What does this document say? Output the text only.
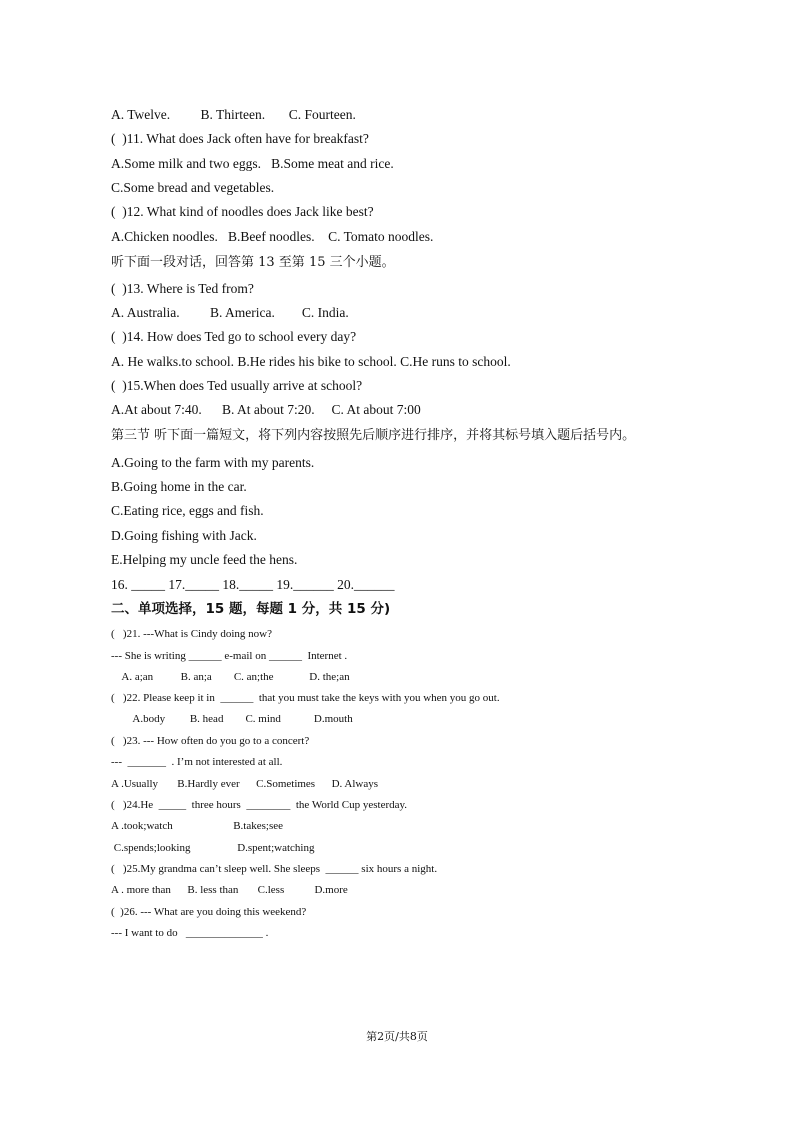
A. Twelve.         B. Thirteen.       C. Fourteen.
(  )11. What does Jack often have for breakfast?
A.Some milk and two eggs.   B.Some meat and rice.
C.Some bread and vegetables.
(  )12. What kind of noodles does Jack like best?
A.Chicken noodles.   B.Beef noodles.    C. Tomato noodles.
听下面一段对话，回答第 13 至第 15 三个小题。
(  )13. Where is Ted from?
A. Australia.         B. America.        C. India.
(  )14. How does Ted go to school every day?
A. He walks.to school. B.He rides his bike to school. C.He runs to school.
(  )15.When does Ted usually arrive at school?
A.At about 7:40.      B. At about 7:20.     C. At about 7:00
第三节 听下面一篇短文，将下列内容按照先后顺序进行排序，并将其标号填入题后括号内。
A.Going to the farm with my parents.
B.Going home in the car.
C.Eating rice, eggs and fish.
D.Going fishing with Jack.
E.Helping my uncle feed the hens.
16. _____ 17._____ 18._____ 19.______ 20.______
二、单项选择，15 题，每题 1 分，共 15 分)
(   )21. ---What is Cindy doing now?
--- She is writing ______ e-mail on ______  Internet .
A. a;an          B. an;a        C. an;the             D. the;an
(   )22. Please keep it in  ______  that you must take the keys with you when you go out.
A.body         B. head        C. mind            D.mouth
(   )23. --- How often do you go to a concert?
---  _______  . I’m not interested at all.
A .Usually       B.Hardly ever      C.Sometimes      D. Always
(   )24.He  _____  three hours  ________  the World Cup yesterday.
A .took;watch                      B.takes;see
C.spends;looking                 D.spent;watching
(   )25.My grandma can’t sleep well. She sleeps  ______ six hours a night.
A . more than      B. less than       C.less           D.more
(  )26. --- What are you doing this weekend?
--- I want to do   ______________ .
第2页/共8页
